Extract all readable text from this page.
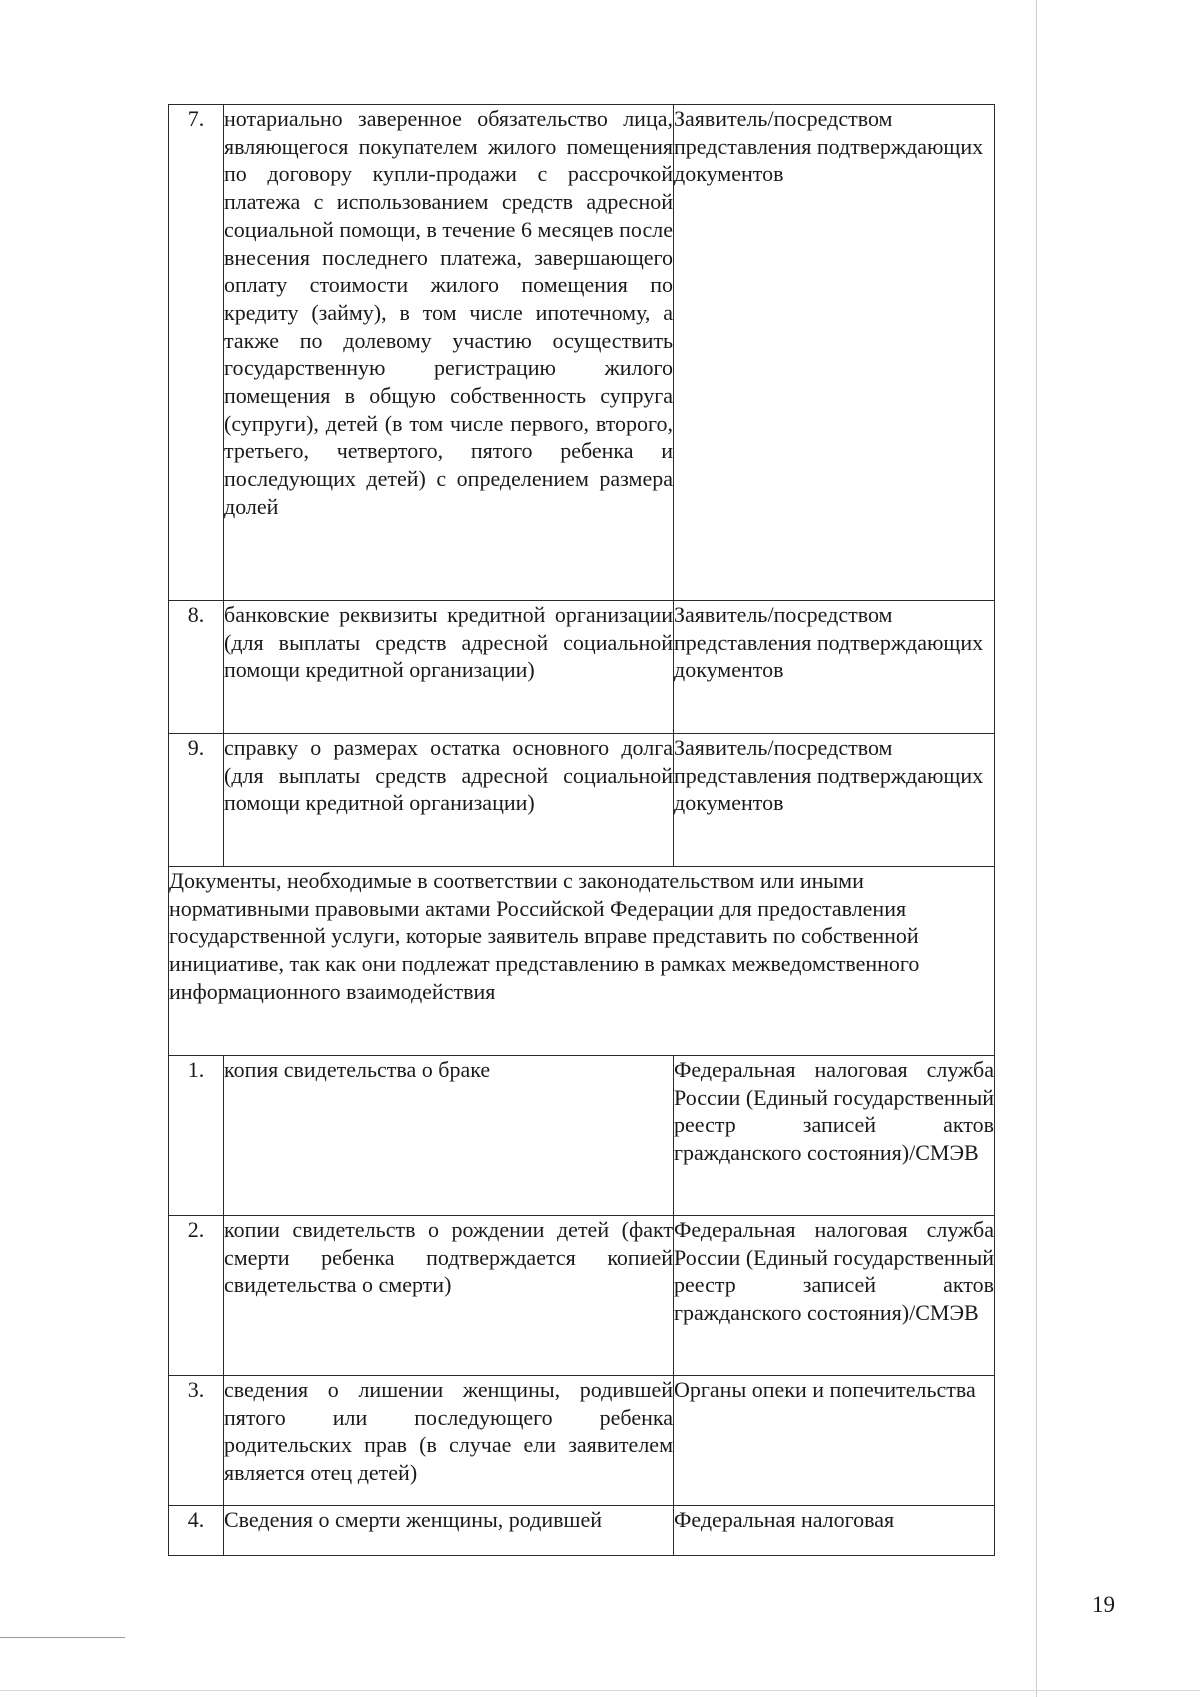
7.	нотариально заверенное обязательство лица, являющегося покупателем жилого помещения по договору купли-продажи с рассрочкой платежа с использованием средств адресной социальной помощи, в течение 6 месяцев после внесения последнего платежа, завершающего оплату стоимости жилого помещения по кредиту (займу), в том числе ипотечному, а также по долевому участию осуществить государственную регистрацию жилого помещения в общую собственность супруга (супруги), детей (в том числе первого, второго, третьего, четвертого, пятого ребенка и последующих детей) с определением размера долей	Заявитель/посредством представления подтверждающих документов
8.	банковские реквизиты кредитной организации (для выплаты средств адресной социальной помощи кредитной организации)	Заявитель/посредством представления подтверждающих документов
9.	справку о размерах остатка основного долга (для выплаты средств адресной социальной помощи кредитной организации)	Заявитель/посредством представления подтверждающих документов
Документы, необходимые в соответствии с законодательством или иными нормативными правовыми актами Российской Федерации для предоставления государственной услуги, которые заявитель вправе представить по собственной инициативе, так как они подлежат представлению в рамках межведомственного информационного взаимодействия		
1.	копия свидетельства о браке	Федеральная налоговая служба России (Единый государственный реестр записей актов гражданского состояния)/СМЭВ
2.	копии свидетельств о рождении детей (факт смерти ребенка подтверждается копией свидетельства о смерти)	Федеральная налоговая служба России (Единый государственный реестр записей актов гражданского состояния)/СМЭВ
3.	сведения о лишении женщины, родившей пятого или последующего ребенка родительских прав (в случае ели заявителем является отец детей)	Органы опеки и попечительства
4.	Сведения о смерти женщины, родившей	Федеральная налоговая
19
